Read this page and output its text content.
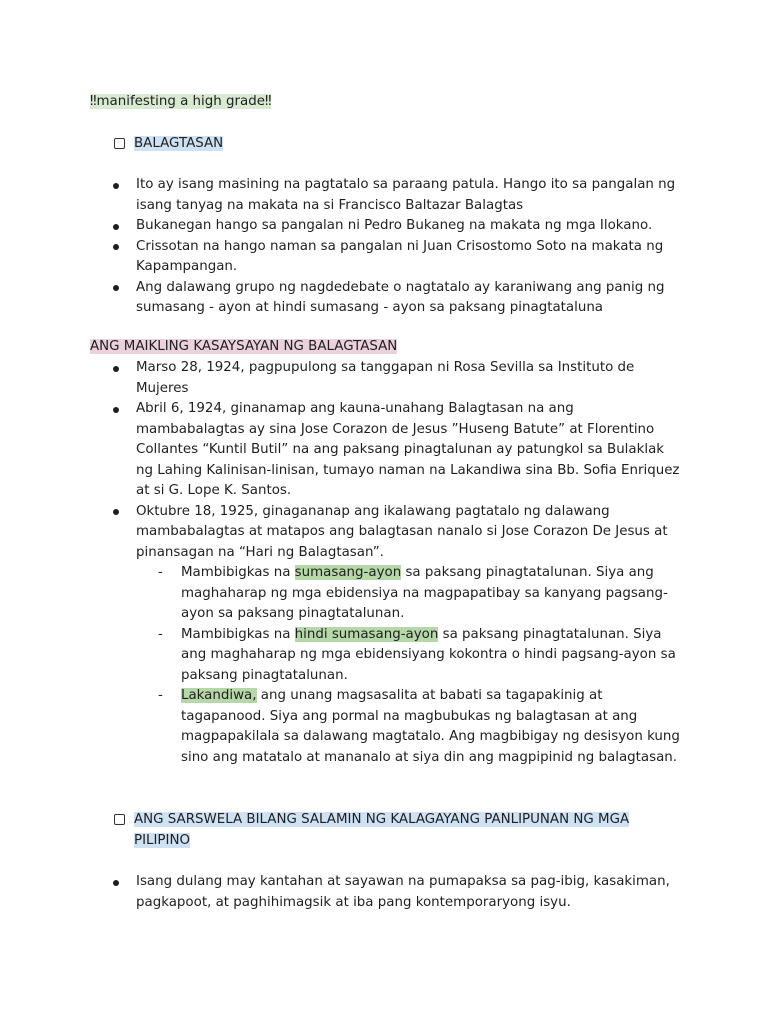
‼manifesting a high grade‼
BALAGTASAN
Ito ay isang masining na pagtatalo sa paraang patula. Hango ito sa pangalan ng isang tanyag na makata na si Francisco Baltazar Balagtas
Bukanegan hango sa pangalan ni Pedro Bukaneg na makata ng mga Ilokano.
Crissotan na hango naman sa pangalan ni Juan Crisostomo Soto na makata ng Kapampangan.
Ang dalawang grupo ng nagdedebate o nagtatalo ay karaniwang ang panig ng sumasang - ayon at hindi sumasang - ayon sa paksang pinagtataluna
ANG MAIKLING KASAYSAYAN NG BALAGTASAN
Marso 28, 1924, pagpupulong sa tanggapan ni Rosa Sevilla sa Instituto de Mujeres
Abril 6, 1924, ginanamap ang kauna-unahang Balagtasan na ang mambabalagtas ay sina Jose Corazon de Jesus ”Huseng Batute” at Florentino Collantes “Kuntil Butil” na ang paksang pinagtalunan ay patungkol sa Bulaklak ng Lahing Kalinisan-linisan, tumayo naman na Lakandiwa sina Bb. Sofia Enriquez at si G. Lope K. Santos.
Oktubre 18, 1925, ginagananap ang ikalawang pagtatalo ng dalawang mambabalagtas at matapos ang balagtasan nanalo si Jose Corazon De Jesus at pinansagan na “Hari ng Balagtasan”.
- Mambibigkas na sumasang-ayon sa paksang pinagtatalunan. Siya ang maghaharap ng mga ebidensiya na magpapatibay sa kanyang pagsang-ayon sa paksang pinagtatalunan.
- Mambibigkas na hindi sumasang-ayon sa paksang pinagtatalunan. Siya ang maghaharap ng mga ebidensiyang kokontra o hindi pagsang-ayon sa paksang pinagtatalunan.
- Lakandiwa, ang unang magsasalita at babati sa tagapakinig at tagapanood. Siya ang pormal na magbubukas ng balagtasan at ang magpapakilala sa dalawang magtatalo. Ang magbibigay ng desisyon kung sino ang matatalo at mananalo at siya din ang magpipinid ng balagtasan.
ANG SARSWELA BILANG SALAMIN NG KALAGAYANG PANLIPUNAN NG MGA PILIPINO
Isang dulang may kantahan at sayawan na pumapaksa sa pag-ibig, kasakiman, pagkapoot, at paghihimagsik at iba pang kontemporaryong isyu.
